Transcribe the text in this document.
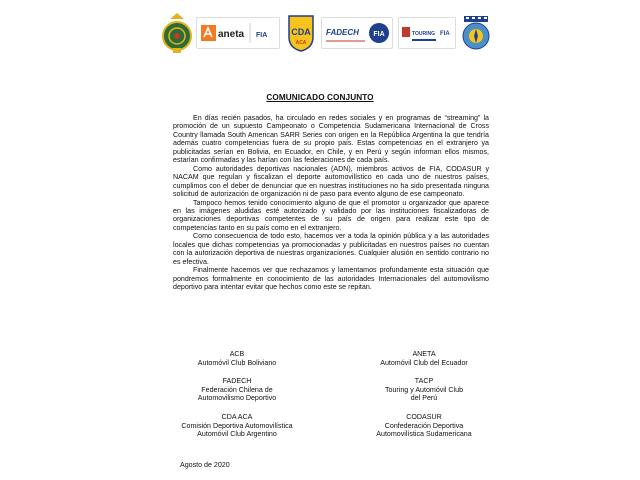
aneta FIA	CDA
ACA
FADECH FIA	TOURING FIA
COMUNICADO CONJUNTO

En días recién pasados, ha circulado en redes sociales y en programas de “streaming” la promoción de un supuesto Campeonato o Competencia Sudamericana Internacional de Cross Country llamada South American SARR Series con origen en la República Argentina la que tendría además cuatro competencias fuera de su propio país. Estas competencias en el extranjero ya publicitadas serían en Bolivia, en Ecuador, en Chile, y en Perú y según informan ellos mismos, estarían confirmadas y las harían con las federaciones de cada país.

Como autoridades deportivas nacionales (ADN), miembros activos de FIA, CODASUR y NACAM que regulan y fiscalizan el deporte automovilístico en cada uno de nuestros países, cumplimos con el deber de denunciar que en nuestras instituciones no ha sido presentada ninguna solicitud de autorización de organización ni de paso para evento alguno de ese campeonato.

Tampoco hemos tenido conocimiento alguno de que el promotor u organizador que aparece en las imágenes aludidas esté autorizado y validado por las instituciones fiscalizadoras de organizaciones deportivas competentes de su país de origen para realizar este tipo de competencias tanto en su país como en el extranjero.

Como consecuencia de todo esto, hacemos ver a toda la opinión pública y a las autoridades locales que dichas competencias ya promocionadas y publicitadas en nuestros países no cuentan con la autorización deportiva de nuestras organizaciones. Cualquier alusión en sentido contrario no es efectiva.

Finalmente hacemos ver que rechazamos y lamentamos profundamente esta situación que pondremos formalmente en conocimiento de las autoridades Internacionales del automovilismo deportivo para intentar evitar que hechos como este se repitan.

ACB
Automóvil Club Boliviano
ANETA
Automóvil Club del Ecuador
FADECH
Federación Chilena de
Automovilismo Deportivo
TACP
Touring y Automóvil Club
del Perú
CDA ACA
Comisión Deportiva Automovilística
Automóvil Club Argentino
CODASUR
Confederación Deportiva
Automovilística Sudamericana
Agosto de 2020
